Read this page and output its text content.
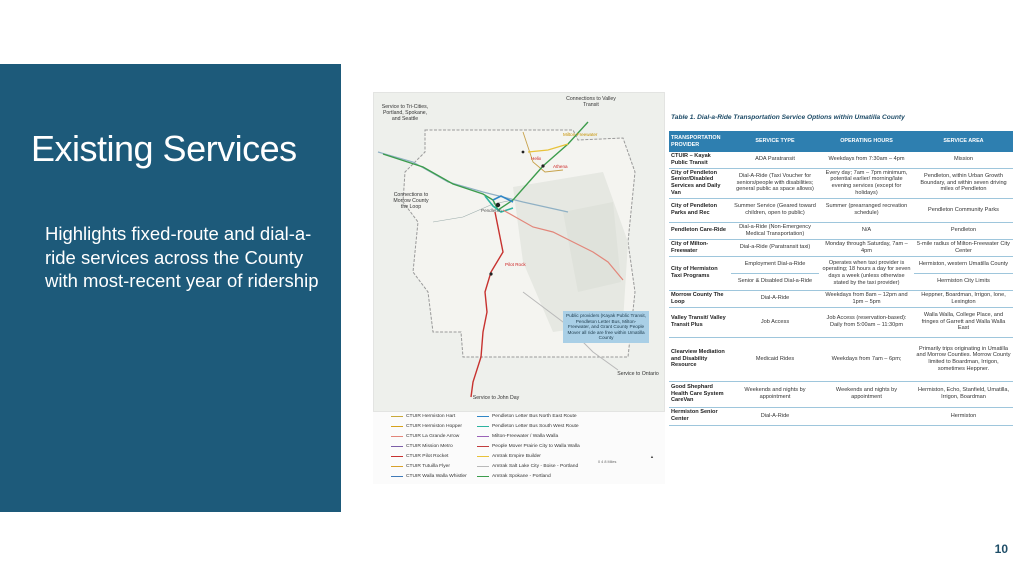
Existing Services
Highlights fixed-route and dial-a-ride services across the County with most-recent year of ridership
Service to Tri-Cities, Portland, Spokane, and Seattle
Connections to Valley Transit
Connections to Morrow County the Loop
Service to Ontario
Service to John Day
Milton-Freewater
Helix
Athena
Pendleton
Pilot Rock
Public providers (Kayak Public Transit, Pendleton Letter Bus, Milton-Freewater, and Grant County People Mover all ride are free within Umatilla County
CTUIR Hermiston Hart	Pendleton Letter Bus North East Route
CTUIR Hermiston Hopper	Pendleton Letter Bus South West Route
CTUIR La Grande Arrow	Milton-Freewater / Walla Walla
CTUIR Mission Metro	People Mover Prairie City to Walla Walla
CTUIR Pilot Rocket	Amtrak Empire Builder
CTUIR Tutuilla Flyer	Amtrak Salt Lake City - Boise - Portland
CTUIR Walla Walla Whistler	Amtrak Spokane - Portland
0 4 8 Miles
▲
Table 1. Dial-a-Ride Transportation Service Options within Umatilla County
TRANSPORTATION PROVIDER	SERVICE TYPE	OPERATING HOURS	SERVICE AREA
CTUIR – Kayak Public Transit	ADA Paratransit	Weekdays from 7:30am – 4pm	Mission
City of Pendleton Senior/Disabled Services and Daily Van	Dial-A-Ride (Taxi Voucher for seniors/people with disabilities; general public as space allows)	Every day; 7am – 7pm minimum, potential earlier/ morning/late evening services (except for holidays)	Pendleton, within Urban Growth Boundary, and within seven driving miles of Pendleton
City of Pendleton Parks and Rec	Summer Service (Geared toward children, open to public)	Summer (prearranged recreation schedule)	Pendleton Community Parks
Pendleton Care-Ride	Dial-a-Ride (Non-Emergency Medical Transportation)	N/A	Pendleton
City of Milton-Freewater	Dial-a-Ride (Paratransit taxi)	Monday through Saturday, 7am – 4pm	5-mile radius of Milton-Freewater City Center
City of Hermiston Taxi Programs	Employment Dial-a-Ride	Operates when taxi provider is operating; 18 hours a day for seven days a week (unless otherwise stated by the taxi provider)	Hermiston, western Umatilla County
	Senior & Disabled Dial-a-Ride		Hermiston City Limits
Morrow County The Loop	Dial-A-Ride	Weekdays from 8am – 12pm and 1pm – 5pm	Heppner, Boardman, Irrigon, Ione, Lexington
Valley Transit/ Valley Transit Plus	Job Access	Job Access (reservation-based): Daily from 5:00am – 11:30pm	Walla Walla, College Place, and fringes of Garrett and Walla Walla East
Clearview Mediation and Disability Resource	Medicaid Rides	Weekdays from 7am – 6pm;	Primarily trips originating in Umatilla and Morrow Counties. Morrow County limited to Boardman, Irrigon, sometimes Heppner.
Good Shephard Health Care System CareVan	Weekends and nights by appointment	Weekends and nights by appointment	Hermiston, Echo, Stanfield, Umatilla, Irrigon, Boardman
Hermiston Senior Center	Dial-A-Ride		Hermiston
10
